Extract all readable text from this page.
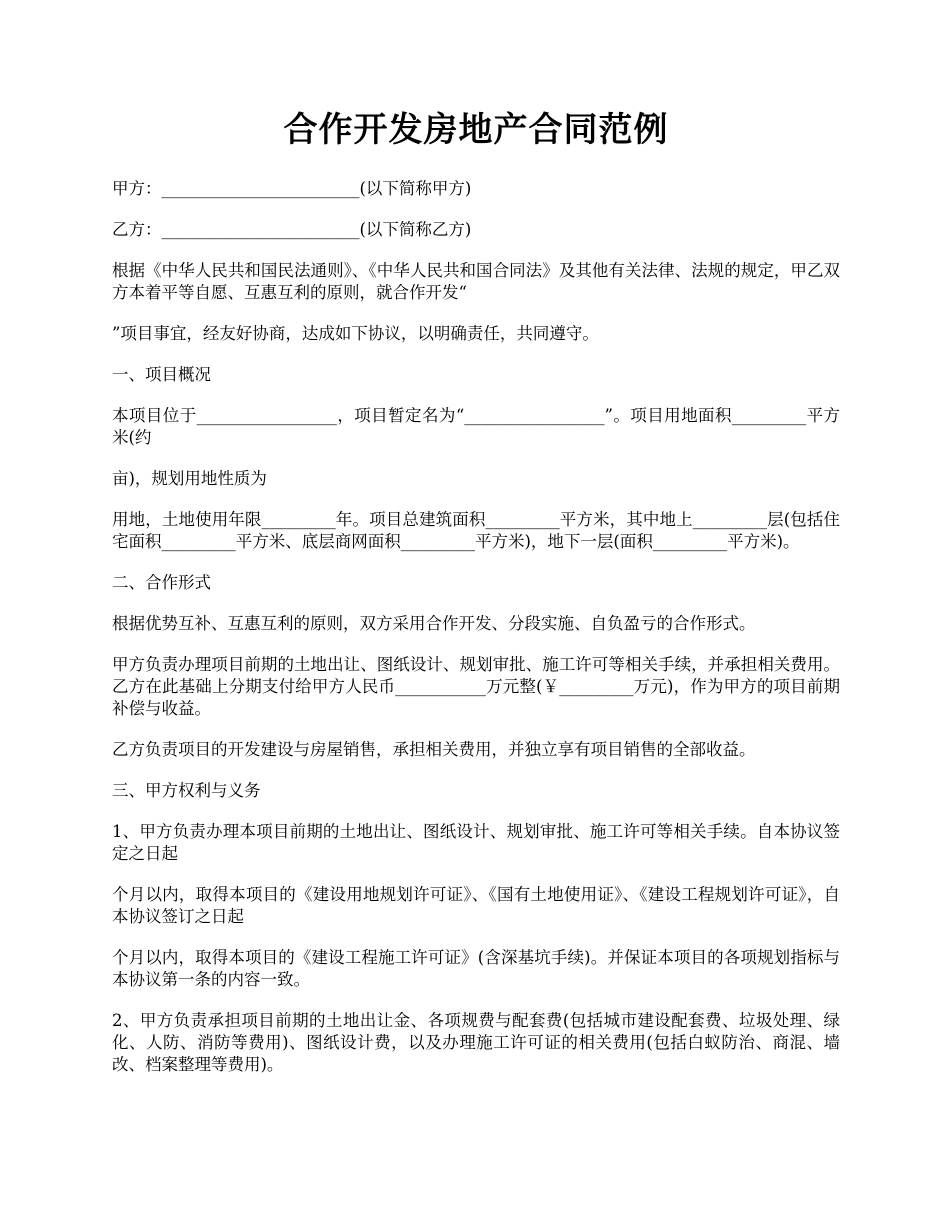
合作开发房地产合同范例

甲方：________________________(以下简称甲方)

乙方：________________________(以下简称乙方)

根据《中华人民共和国民法通则》、《中华人民共和国合同法》及其他有关法律、法规的规定，甲乙双方本着平等自愿、互惠互利的原则，就合作开发“

”项目事宜，经友好协商，达成如下协议，以明确责任，共同遵守。

一、项目概况

本项目位于_________________，项目暂定名为“_________________”。项目用地面积_________平方米(约

亩)，规划用地性质为

用地，土地使用年限_________年。项目总建筑面积_________平方米，其中地上_________层(包括住宅面积_________平方米、底层商网面积_________平方米)，地下一层(面积_________平方米)。

二、合作形式

根据优势互补、互惠互利的原则，双方采用合作开发、分段实施、自负盈亏的合作形式。

甲方负责办理项目前期的土地出让、图纸设计、规划审批、施工许可等相关手续，并承担相关费用。乙方在此基础上分期支付给甲方人民币___________万元整(￥_________万元)，作为甲方的项目前期补偿与收益。

乙方负责项目的开发建设与房屋销售，承担相关费用，并独立享有项目销售的全部收益。

三、甲方权利与义务

1、甲方负责办理本项目前期的土地出让、图纸设计、规划审批、施工许可等相关手续。自本协议签定之日起

个月以内，取得本项目的《建设用地规划许可证》、《国有土地使用证》、《建设工程规划许可证》，自本协议签订之日起

个月以内，取得本项目的《建设工程施工许可证》(含深基坑手续)。并保证本项目的各项规划指标与本协议第一条的内容一致。

2、甲方负责承担项目前期的土地出让金、各项规费与配套费(包括城市建设配套费、垃圾处理、绿化、人防、消防等费用)、图纸设计费，以及办理施工许可证的相关费用(包括白蚁防治、商混、墙改、档案整理等费用)。
